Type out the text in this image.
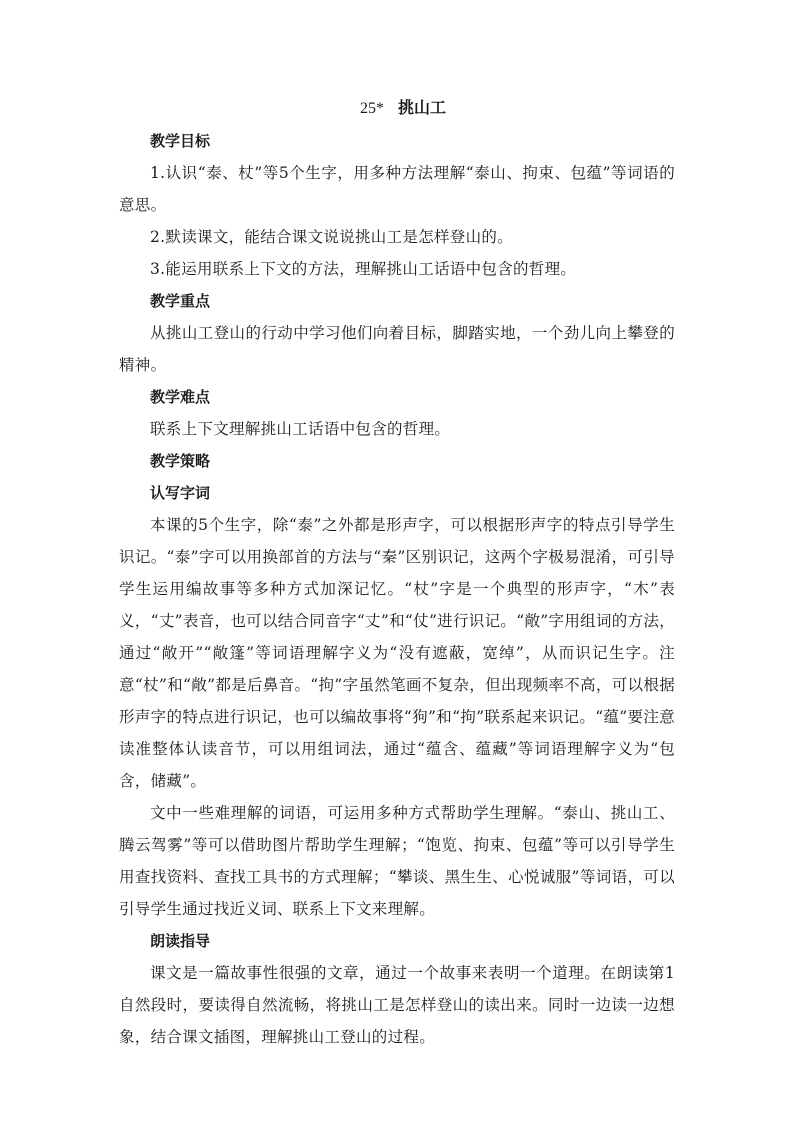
25* 挑山工

教学目标

1.认识“泰、杖”等5个生字，用多种方法理解“泰山、拘束、包蕴”等词语的意思。

2.默读课文，能结合课文说说挑山工是怎样登山的。

3.能运用联系上下文的方法，理解挑山工话语中包含的哲理。

教学重点

从挑山工登山的行动中学习他们向着目标，脚踏实地，一个劲儿向上攀登的精神。

教学难点

联系上下文理解挑山工话语中包含的哲理。

教学策略

认写字词

本课的5个生字，除“泰”之外都是形声字，可以根据形声字的特点引导学生识记。“泰”字可以用换部首的方法与“秦”区别识记，这两个字极易混淆，可引导学生运用编故事等多种方式加深记忆。“杖”字是一个典型的形声字，“木”表义，“丈”表音，也可以结合同音字“丈”和“仗”进行识记。“敞”字用组词的方法，通过“敞开”“敞篷”等词语理解字义为“没有遮蔽，宽绰”，从而识记生字。注意“杖”和“敞”都是后鼻音。“拘”字虽然笔画不复杂，但出现频率不高，可以根据形声字的特点进行识记，也可以编故事将“狗”和“拘”联系起来识记。“蕴”要注意读准整体认读音节，可以用组词法，通过“蕴含、蕴藏”等词语理解字义为“包含，储藏”。

文中一些难理解的词语，可运用多种方式帮助学生理解。“泰山、挑山工、腾云驾雾”等可以借助图片帮助学生理解；“饱览、拘束、包蕴”等可以引导学生用查找资料、查找工具书的方式理解；“攀谈、黑生生、心悦诚服”等词语，可以引导学生通过找近义词、联系上下文来理解。

朗读指导

课文是一篇故事性很强的文章，通过一个故事来表明一个道理。在朗读第1自然段时，要读得自然流畅，将挑山工是怎样登山的读出来。同时一边读一边想象，结合课文插图，理解挑山工登山的过程。
